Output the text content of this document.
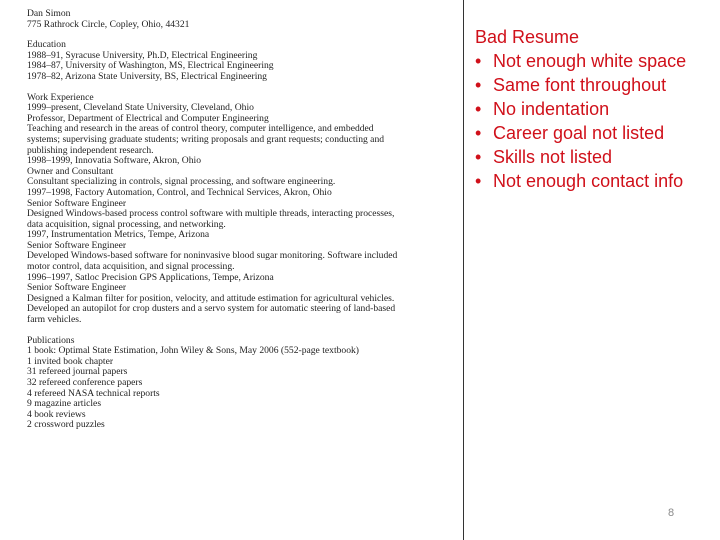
Dan Simon
775 Rathrock Circle, Copley, Ohio, 44321
Education
1988–91, Syracuse University, Ph.D, Electrical Engineering
1984–87, University of Washington, MS, Electrical Engineering
1978–82, Arizona State University, BS, Electrical Engineering
Work Experience
1999–present, Cleveland State University, Cleveland, Ohio
Professor, Department of Electrical and Computer Engineering
Teaching and research in the areas of control theory, computer intelligence, and embedded
systems; supervising graduate students; writing proposals and grant requests; conducting and
publishing independent research.
1998–1999, Innovatia Software, Akron, Ohio
Owner and Consultant
Consultant specializing in controls, signal processing, and software engineering.
1997–1998, Factory Automation, Control, and Technical Services, Akron, Ohio
Senior Software Engineer
Designed Windows-based process control software with multiple threads, interacting processes,
data acquisition, signal processing, and networking.
1997, Instrumentation Metrics, Tempe, Arizona
Senior Software Engineer
Developed Windows-based software for noninvasive blood sugar monitoring. Software included
motor control, data acquisition, and signal processing.
1996–1997, Satloc Precision GPS Applications, Tempe, Arizona
Senior Software Engineer
Designed a Kalman filter for position, velocity, and attitude estimation for agricultural vehicles.
Developed an autopilot for crop dusters and a servo system for automatic steering of land-based
farm vehicles.
Publications
1 book: Optimal State Estimation, John Wiley & Sons, May 2006 (552-page textbook)
1 invited book chapter
31 refereed journal papers
32 refereed conference papers
4 refereed NASA technical reports
9 magazine articles
4 book reviews
2 crossword puzzles
Bad Resume
• Not enough white space
• Same font throughout
• No indentation
• Career goal not listed
• Skills not listed
• Not enough contact info
8
